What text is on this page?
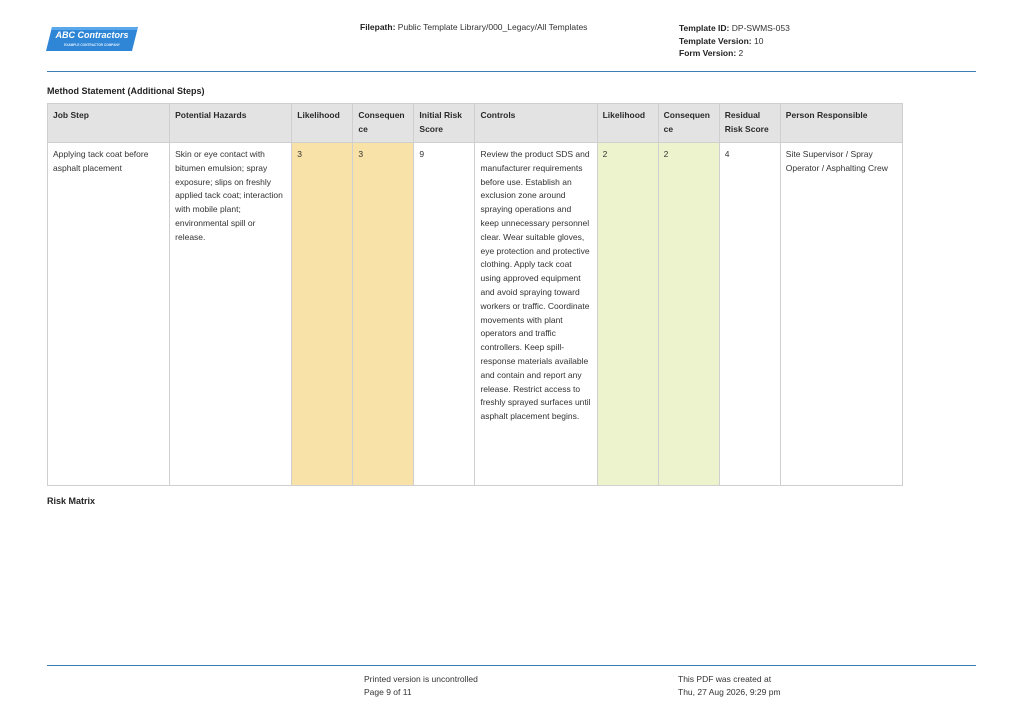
ABC Contractors
EXAMPLE CONTRACTOR COMPANY
Filepath: Public Template Library/000_Legacy/All Templates	Template ID: DP-SWMS-053
Template Version: 10
Form Version: 2
Method Statement (Additional Steps)
Job Step	Potential Hazards	Likelihood	Consequence	Initial Risk Score	Controls	Likelihood	Consequence	Residual Risk Score	Person Responsible
Applying tack coat before asphalt placement	Skin or eye contact with bitumen emulsion; spray exposure; slips on freshly applied tack coat; interaction with mobile plant; environmental spill or release.	3	3	9	Review the product SDS and manufacturer requirements before use. Establish an exclusion zone around spraying operations and keep unnecessary personnel clear. Wear suitable gloves, eye protection and protective clothing. Apply tack coat using approved equipment and avoid spraying toward workers or traffic. Coordinate movements with plant operators and traffic controllers. Keep spill-response materials available and contain and report any release. Restrict access to freshly sprayed surfaces until asphalt placement begins.	2	2	4	Site Supervisor / Spray Operator / Asphalting Crew
Risk Matrix
Printed version is uncontrolled
Page 9 of 11
This PDF was created at
Thu, 27 Aug 2026, 9:29 pm
